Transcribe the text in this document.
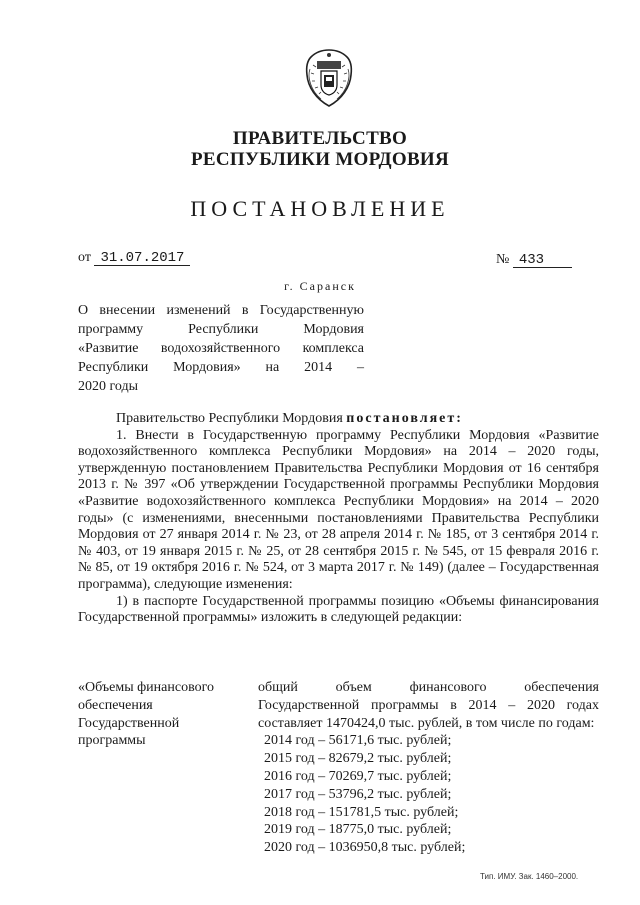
ПРАВИТЕЛЬСТВО
РЕСПУБЛИКИ МОРДОВИЯ
ПОСТАНОВЛЕНИЕ
от 31.07.2017	№ 433
г. Саранск
О внесении изменений в Государственную
программу Республики Мордовия
«Развитие водохозяйственного комплекса
Республики Мордовия» на 2014 –
2020 годы

Правительство Республики Мордовия постановляет:

1. Внести в Государственную программу Республики Мордовия «Развитие водохозяйственного комплекса Республики Мордовия» на 2014 – 2020 годы, утвержденную постановлением Правительства Республики Мордовия от 16 сентября 2013 г. № 397 «Об утверждении Государственной программы Республики Мордовия «Развитие водохозяйственного комплекса Республики Мордовия» на 2014 – 2020 годы» (с изменениями, внесенными постановлениями Правительства Республики Мордовия от 27 января 2014 г. № 23, от 28 апреля 2014 г. № 185, от 3 сентября 2014 г. № 403, от 19 января 2015 г. № 25, от 28 сентября 2015 г. № 545, от 15 февраля 2016 г. № 85, от 19 октября 2016 г. № 524, от 3 марта 2017 г. № 149) (далее – Государственная программа), следующие изменения:

1) в паспорте Государственной программы позицию «Объемы финансирования Государственной программы» изложить в следующей редакции:

«Объемы финансового
обеспечения
Государственной
программы
общий объем финансового обеспечения Государственной программы в 2014 – 2020 годах составляет 1470424,0 тыс. рублей, в том числе по годам:
2014 год – 56171,6 тыс. рублей;
2015 год – 82679,2 тыс. рублей;
2016 год – 70269,7 тыс. рублей;
2017 год – 53796,2 тыс. рублей;
2018 год – 151781,5 тыс. рублей;
2019 год – 18775,0 тыс. рублей;
2020 год – 1036950,8 тыс. рублей;
Тип. ИМУ. Зак. 1460–2000.
